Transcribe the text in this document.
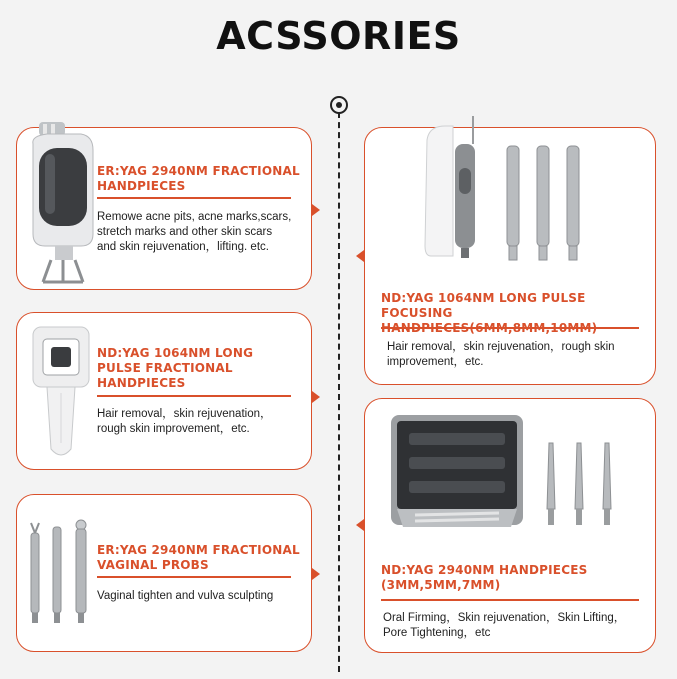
ACSSORIES
ER:YAG 2940NM FRACTIONAL
HANDPIECES
Remowe acne pits, acne marks,scars,
stretch marks and other skin scars
and skin rejuvenation，lifting. etc.
ND:YAG 1064NM LONG PULSE FOCUSING
Hair removal，skin rejuvenation，rough skin
improvement，etc.
ND:YAG 1064NM LONG
PULSE FRACTIONAL
HANDPIECES
Hair removal，skin rejuvenation，
rough skin improvement，etc.
ND:YAG 2940NM HANDPIECES
(3MM,5MM,7MM)
Oral Firming，Skin rejuvenation，Skin Lifting，
Pore Tightening，etc
ER:YAG 2940NM FRACTIONAL
VAGINAL PROBS
Vaginal tighten and vulva sculpting
